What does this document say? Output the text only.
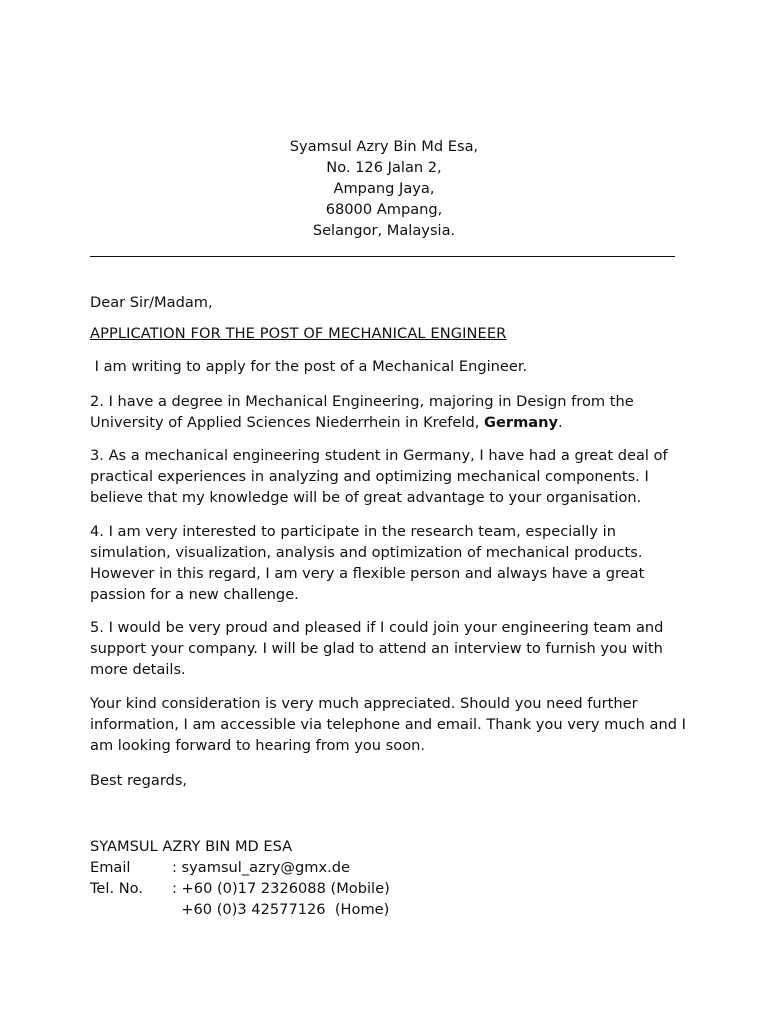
Syamsul Azry Bin Md Esa,
No. 126 Jalan 2,
Ampang Jaya,
68000 Ampang,
Selangor, Malaysia.

Dear Sir/Madam,

APPLICATION FOR THE POST OF MECHANICAL ENGINEER

I am writing to apply for the post of a Mechanical Engineer.

2. I have a degree in Mechanical Engineering, majoring in Design from the University of Applied Sciences Niederrhein in Krefeld, Germany.

3. As a mechanical engineering student in Germany, I have had a great deal of practical experiences in analyzing and optimizing mechanical components. I believe that my knowledge will be of great advantage to your organisation.

4. I am very interested to participate in the research team, especially in simulation, visualization, analysis and optimization of mechanical products. However in this regard, I am very a flexible person and always have a great passion for a new challenge.

5. I would be very proud and pleased if I could join your engineering team and support your company. I will be glad to attend an interview to furnish you with more details.

Your kind consideration is very much appreciated. Should you need further information, I am accessible via telephone and email. Thank you very much and I am looking forward to hearing from you soon.

Best regards,

SYAMSUL AZRY BIN MD ESA
Email	: syamsul_azry@gmx.de
Tel. No. : +60 (0)17 2326088 (Mobile)
+60 (0)3 42577126  (Home)
